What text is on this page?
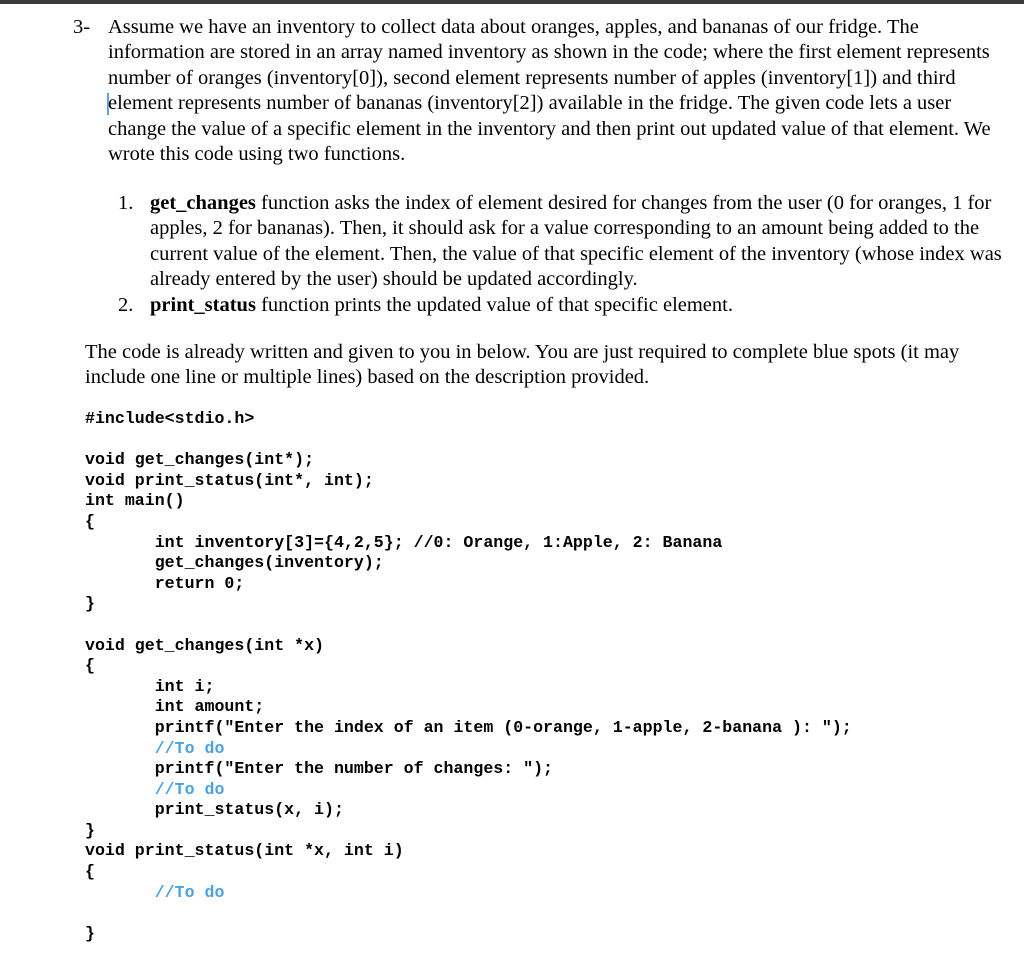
3- Assume we have an inventory to collect data about oranges, apples, and bananas of our fridge. The information are stored in an array named inventory as shown in the code; where the first element represents number of oranges (inventory[0]), second element represents number of apples (inventory[1]) and third element represents number of bananas (inventory[2]) available in the fridge. The given code lets a user change the value of a specific element in the inventory and then print out updated value of that element. We wrote this code using two functions.

1. get_changes function asks the index of element desired for changes from the user (0 for oranges, 1 for apples, 2 for bananas). Then, it should ask for a value corresponding to an amount being added to the current value of the element. Then, the value of that specific element of the inventory (whose index was already entered by the user) should be updated accordingly.
2. print_status function prints the updated value of that specific element.

The code is already written and given to you in below. You are just required to complete blue spots (it may include one line or multiple lines) based on the description provided.

#include<stdio.h>

void get_changes(int*);
void print_status(int*, int);
int main()
{
int inventory[3]={4,2,5}; //0: Orange, 1:Apple, 2: Banana
get_changes(inventory);
return 0;
}

void get_changes(int *x)
{
int i;
int amount;
printf("Enter the index of an item (0-orange, 1-apple, 2-banana ): ");
//To do
printf("Enter the number of changes: ");
//To do
print_status(x, i);
}
void print_status(int *x, int i)
{
//To do

}
